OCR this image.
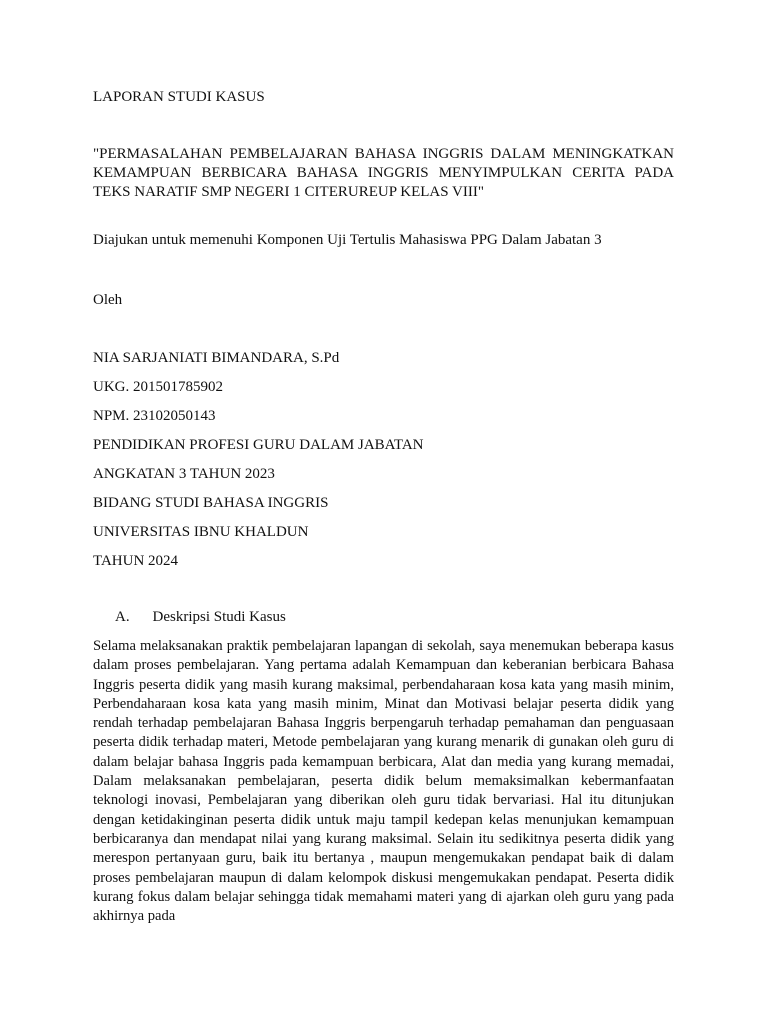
LAPORAN STUDI KASUS
"PERMASALAHAN PEMBELAJARAN BAHASA INGGRIS DALAM MENINGKATKAN KEMAMPUAN BERBICARA BAHASA INGGRIS MENYIMPULKAN CERITA PADA TEKS NARATIF SMP NEGERI 1 CITERUREUP KELAS VIII"
Diajukan untuk memenuhi Komponen Uji Tertulis Mahasiswa PPG Dalam Jabatan 3
Oleh
NIA SARJANIATI BIMANDARA, S.Pd
UKG. 201501785902
NPM. 23102050143
PENDIDIKAN PROFESI GURU DALAM JABATAN
ANGKATAN 3 TAHUN 2023
BIDANG STUDI BAHASA INGGRIS
UNIVERSITAS IBNU KHALDUN
TAHUN 2024
A. Deskripsi Studi Kasus
Selama melaksanakan praktik pembelajaran lapangan di sekolah, saya menemukan beberapa kasus dalam proses pembelajaran. Yang pertama adalah Kemampuan dan keberanian berbicara Bahasa Inggris peserta didik yang masih kurang maksimal, perbendaharaan kosa kata yang masih minim, Perbendaharaan kosa kata yang masih minim, Minat dan Motivasi belajar peserta didik yang rendah terhadap pembelajaran Bahasa Inggris berpengaruh terhadap pemahaman dan penguasaan peserta didik terhadap materi, Metode pembelajaran yang kurang menarik di gunakan oleh guru di dalam belajar bahasa Inggris pada kemampuan berbicara, Alat dan media yang kurang memadai, Dalam melaksanakan pembelajaran, peserta didik belum memaksimalkan kebermanfaatan teknologi inovasi, Pembelajaran yang diberikan oleh guru tidak bervariasi. Hal itu ditunjukan dengan ketidakinginan peserta didik untuk maju tampil kedepan kelas menunjukan kemampuan berbicaranya dan mendapat nilai yang kurang maksimal. Selain itu sedikitnya peserta didik yang merespon pertanyaan guru, baik itu bertanya , maupun mengemukakan pendapat baik di dalam proses pembelajaran maupun di dalam kelompok diskusi mengemukakan pendapat. Peserta didik kurang fokus dalam belajar sehingga tidak memahami materi yang di ajarkan oleh guru yang pada akhirnya pada
